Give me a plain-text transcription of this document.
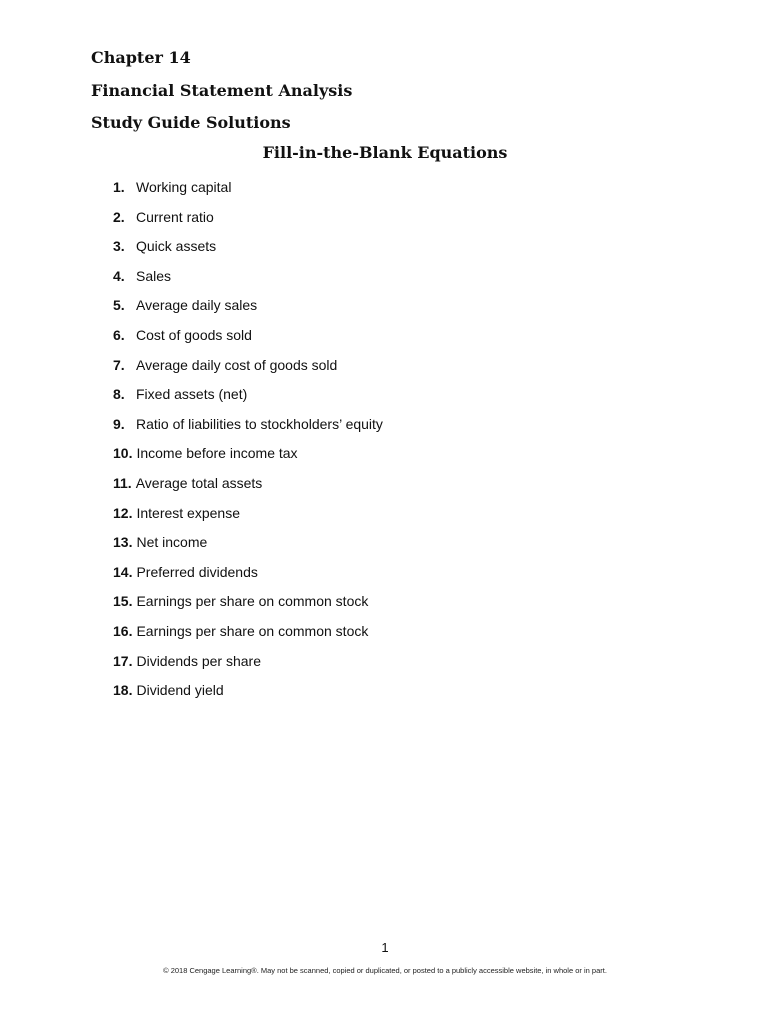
Chapter 14
Financial Statement Analysis
Study Guide Solutions
Fill-in-the-Blank Equations
1. Working capital
2. Current ratio
3. Quick assets
4. Sales
5. Average daily sales
6. Cost of goods sold
7. Average daily cost of goods sold
8. Fixed assets (net)
9. Ratio of liabilities to stockholders’ equity
10. Income before income tax
11. Average total assets
12. Interest expense
13. Net income
14. Preferred dividends
15. Earnings per share on common stock
16. Earnings per share on common stock
17. Dividends per share
18. Dividend yield
1
© 2018 Cengage Learning®. May not be scanned, copied or duplicated, or posted to a publicly accessible website, in whole or in part.
